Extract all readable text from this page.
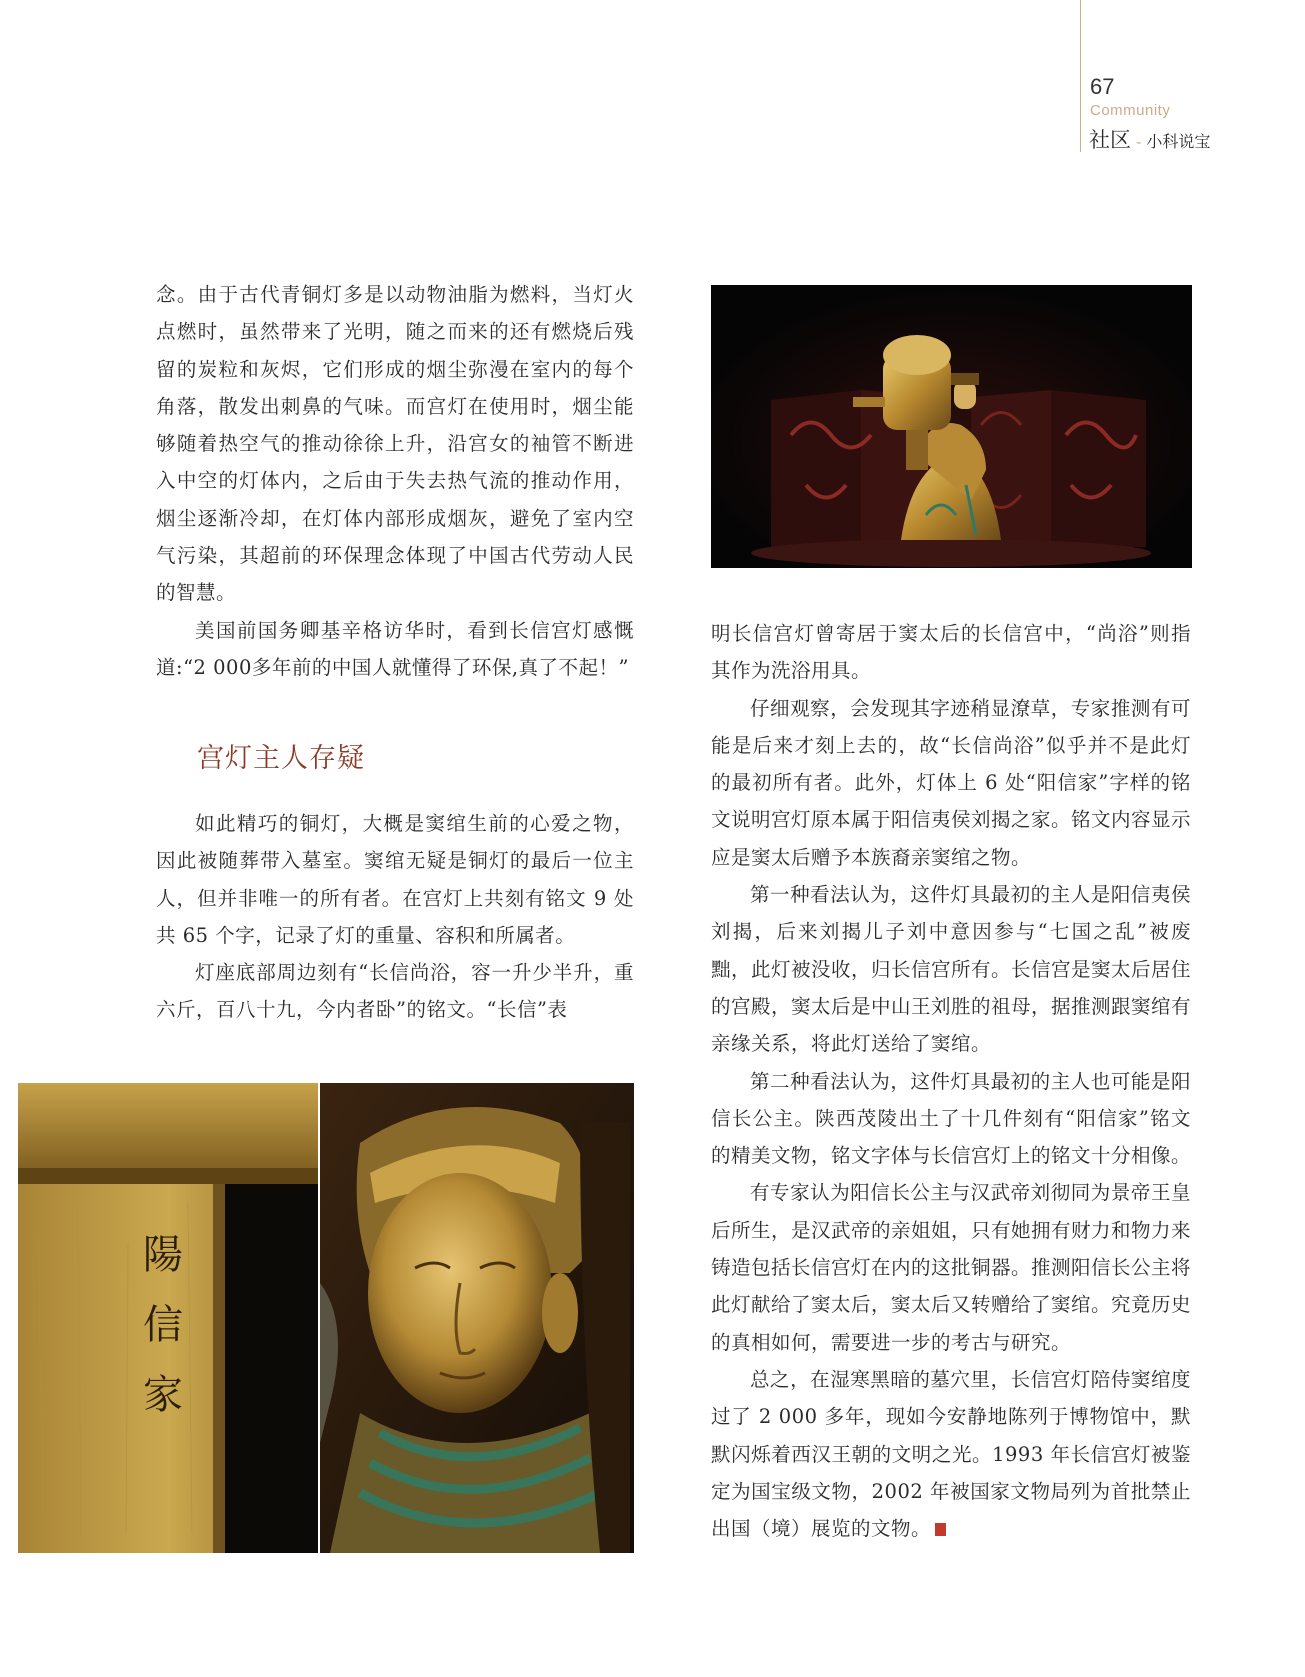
67
Community
社区 - 小科说宝

念。由于古代青铜灯多是以动物油脂为燃料，当灯火点燃时，虽然带来了光明，随之而来的还有燃烧后残留的炭粒和灰烬，它们形成的烟尘弥漫在室内的每个角落，散发出刺鼻的气味。而宫灯在使用时，烟尘能够随着热空气的推动徐徐上升，沿宫女的袖管不断进入中空的灯体内，之后由于失去热气流的推动作用，烟尘逐渐冷却，在灯体内部形成烟灰，避免了室内空气污染，其超前的环保理念体现了中国古代劳动人民的智慧。

美国前国务卿基辛格访华时，看到长信宫灯感慨道:“2 000多年前的中国人就懂得了环保,真了不起！”

宫灯主人存疑

如此精巧的铜灯，大概是窦绾生前的心爱之物，因此被随葬带入墓室。窦绾无疑是铜灯的最后一位主人，但并非唯一的所有者。在宫灯上共刻有铭文 9 处共 65 个字，记录了灯的重量、容积和所属者。

灯座底部周边刻有“长信尚浴，容一升少半升，重六斤，百八十九，今内者卧”的铭文。“长信”表

明长信宫灯曾寄居于窦太后的长信宫中，“尚浴”则指其作为洗浴用具。

仔细观察，会发现其字迹稍显潦草，专家推测有可能是后来才刻上去的，故“长信尚浴”似乎并不是此灯的最初所有者。此外，灯体上 6 处“阳信家”字样的铭文说明宫灯原本属于阳信夷侯刘揭之家。铭文内容显示应是窦太后赠予本族裔亲窦绾之物。

第一种看法认为，这件灯具最初的主人是阳信夷侯刘揭，后来刘揭儿子刘中意因参与“七国之乱”被废黜，此灯被没收，归长信宫所有。长信宫是窦太后居住的宫殿，窦太后是中山王刘胜的祖母，据推测跟窦绾有亲缘关系，将此灯送给了窦绾。

第二种看法认为，这件灯具最初的主人也可能是阳信长公主。陕西茂陵出土了十几件刻有“阳信家”铭文的精美文物，铭文字体与长信宫灯上的铭文十分相像。

有专家认为阳信长公主与汉武帝刘彻同为景帝王皇后所生，是汉武帝的亲姐姐，只有她拥有财力和物力来铸造包括长信宫灯在内的这批铜器。推测阳信长公主将此灯献给了窦太后，窦太后又转赠给了窦绾。究竟历史的真相如何，需要进一步的考古与研究。

总之，在湿寒黑暗的墓穴里，长信宫灯陪侍窦绾度过了 2 000 多年，现如今安静地陈列于博物馆中，默默闪烁着西汉王朝的文明之光。1993 年长信宫灯被鉴定为国宝级文物，2002 年被国家文物局列为首批禁止出国（境）展览的文物。

陽
信
家
